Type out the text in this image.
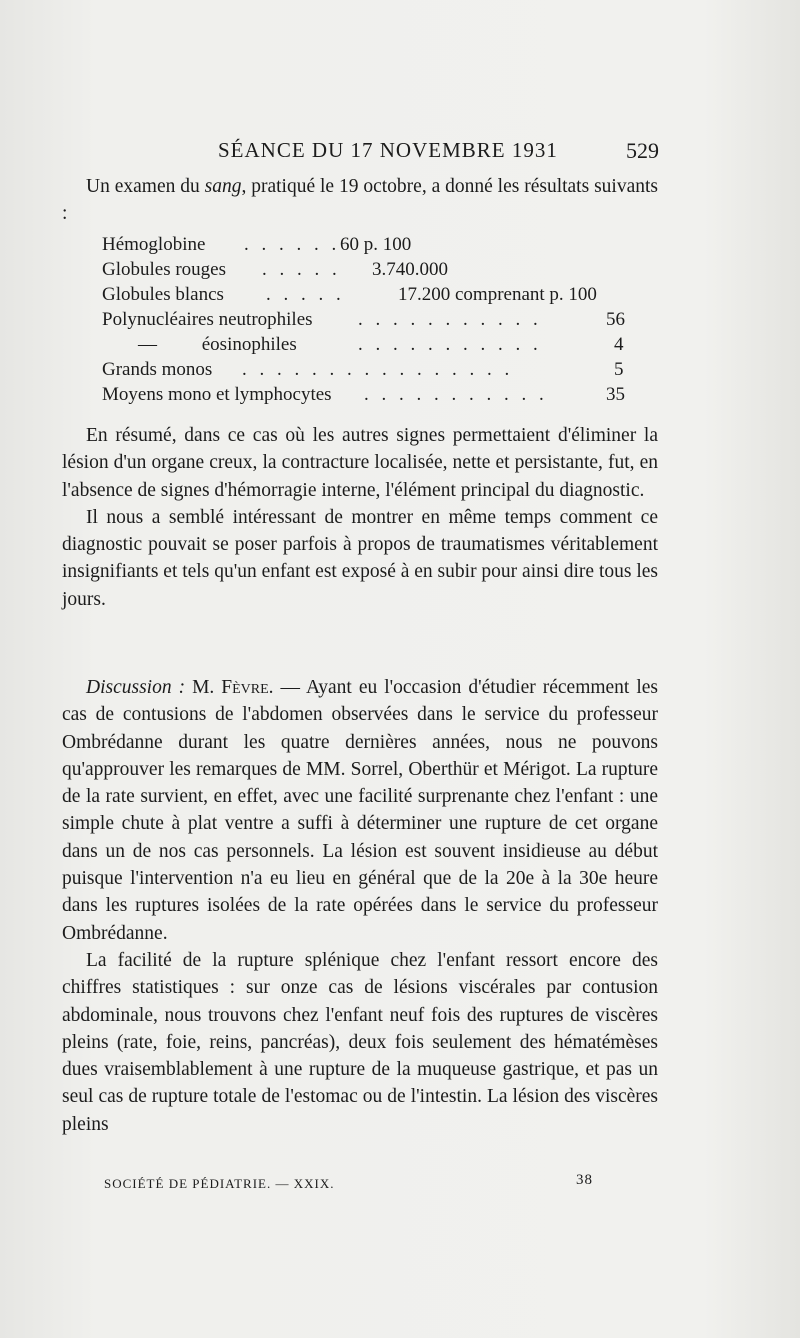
SÉANCE DU 17 NOVEMBRE 1931	529

Un examen du sang, pratiqué le 19 octobre, a donné les résultats suivants :

Hémoglobine . . . . . . 60 p. 100
Globules rouges . . . . . 3.740.000
Globules blancs . . . . .	17.200 comprenant p. 100
Polynucléaires neutrophiles . . . . . . . . . . .	56
— éosinophiles	. . . . . . . . . . .	4
Grands monos . . . . . . . . . . . . . . . .	5
Moyens mono et lymphocytes . . . . . . . . . . .	35

En résumé, dans ce cas où les autres signes permettaient d'éliminer la lésion d'un organe creux, la contracture localisée, nette et persistante, fut, en l'absence de signes d'hémorragie interne, l'élément principal du diagnostic.

Il nous a semblé intéressant de montrer en même temps comment ce diagnostic pouvait se poser parfois à propos de traumatismes véritablement insignifiants et tels qu'un enfant est exposé à en subir pour ainsi dire tous les jours.

Discussion : M. Fèvre. — Ayant eu l'occasion d'étudier récemment les cas de contusions de l'abdomen observées dans le service du professeur Ombrédanne durant les quatre dernières années, nous ne pouvons qu'approuver les remarques de MM. Sorrel, Oberthür et Mérigot. La rupture de la rate survient, en effet, avec une facilité surprenante chez l'enfant : une simple chute à plat ventre a suffi à déterminer une rupture de cet organe dans un de nos cas personnels. La lésion est souvent insidieuse au début puisque l'intervention n'a eu lieu en général que de la 20e à la 30e heure dans les ruptures isolées de la rate opérées dans le service du professeur Ombrédanne.

La facilité de la rupture splénique chez l'enfant ressort encore des chiffres statistiques : sur onze cas de lésions viscérales par contusion abdominale, nous trouvons chez l'enfant neuf fois des ruptures de viscères pleins (rate, foie, reins, pancréas), deux fois seulement des hématémèses dues vraisemblablement à une rupture de la muqueuse gastrique, et pas un seul cas de rupture totale de l'estomac ou de l'intestin. La lésion des viscères pleins

SOCIÉTÉ DE PÉDIATRIE. — XXIX.	38
